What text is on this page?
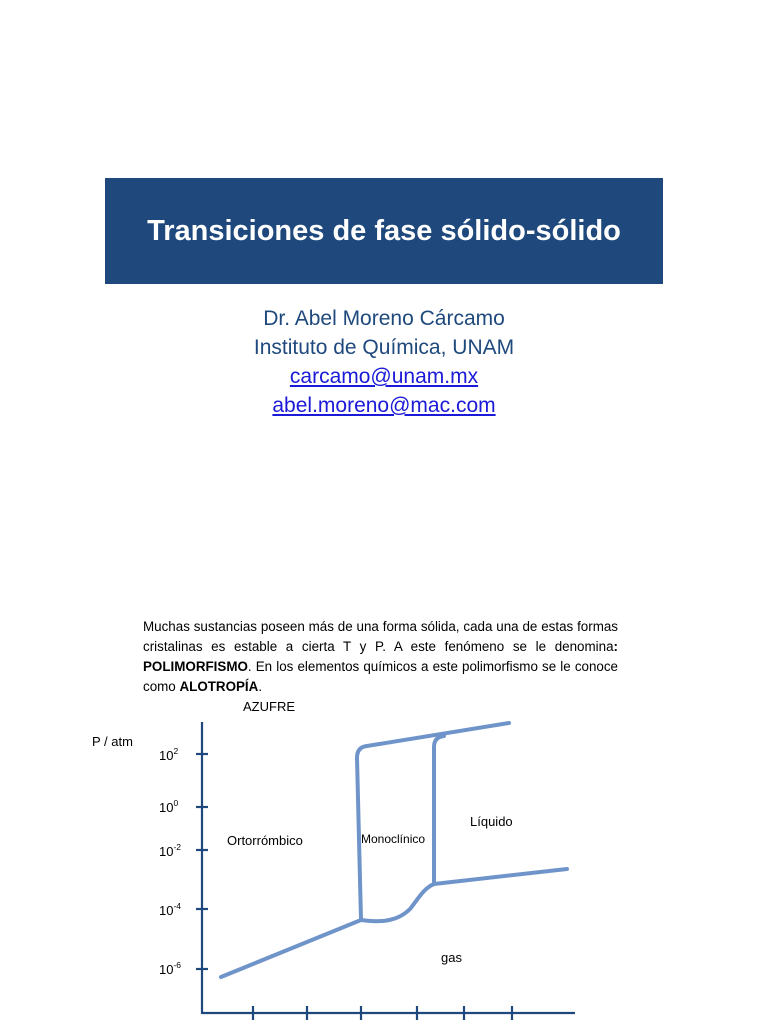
Transiciones de fase sólido-sólido
Dr. Abel Moreno Cárcamo
Instituto de Química, UNAM
carcamo@unam.mx
abel.moreno@mac.com

Muchas sustancias poseen más de una forma sólida, cada una de estas formas cristalinas es estable a cierta T y P. A este fenómeno se le denomina: POLIMORFISMO. En los elementos químicos a este polimorfismo se le conoce como ALOTROPÍA.

AZUFRE
P / atm
$10^2$
$10^0$
$10^{-2}$
$10^{-4}$
$10^{-6}$
Ortorrómbico	Monoclínico
Líquido
gas
